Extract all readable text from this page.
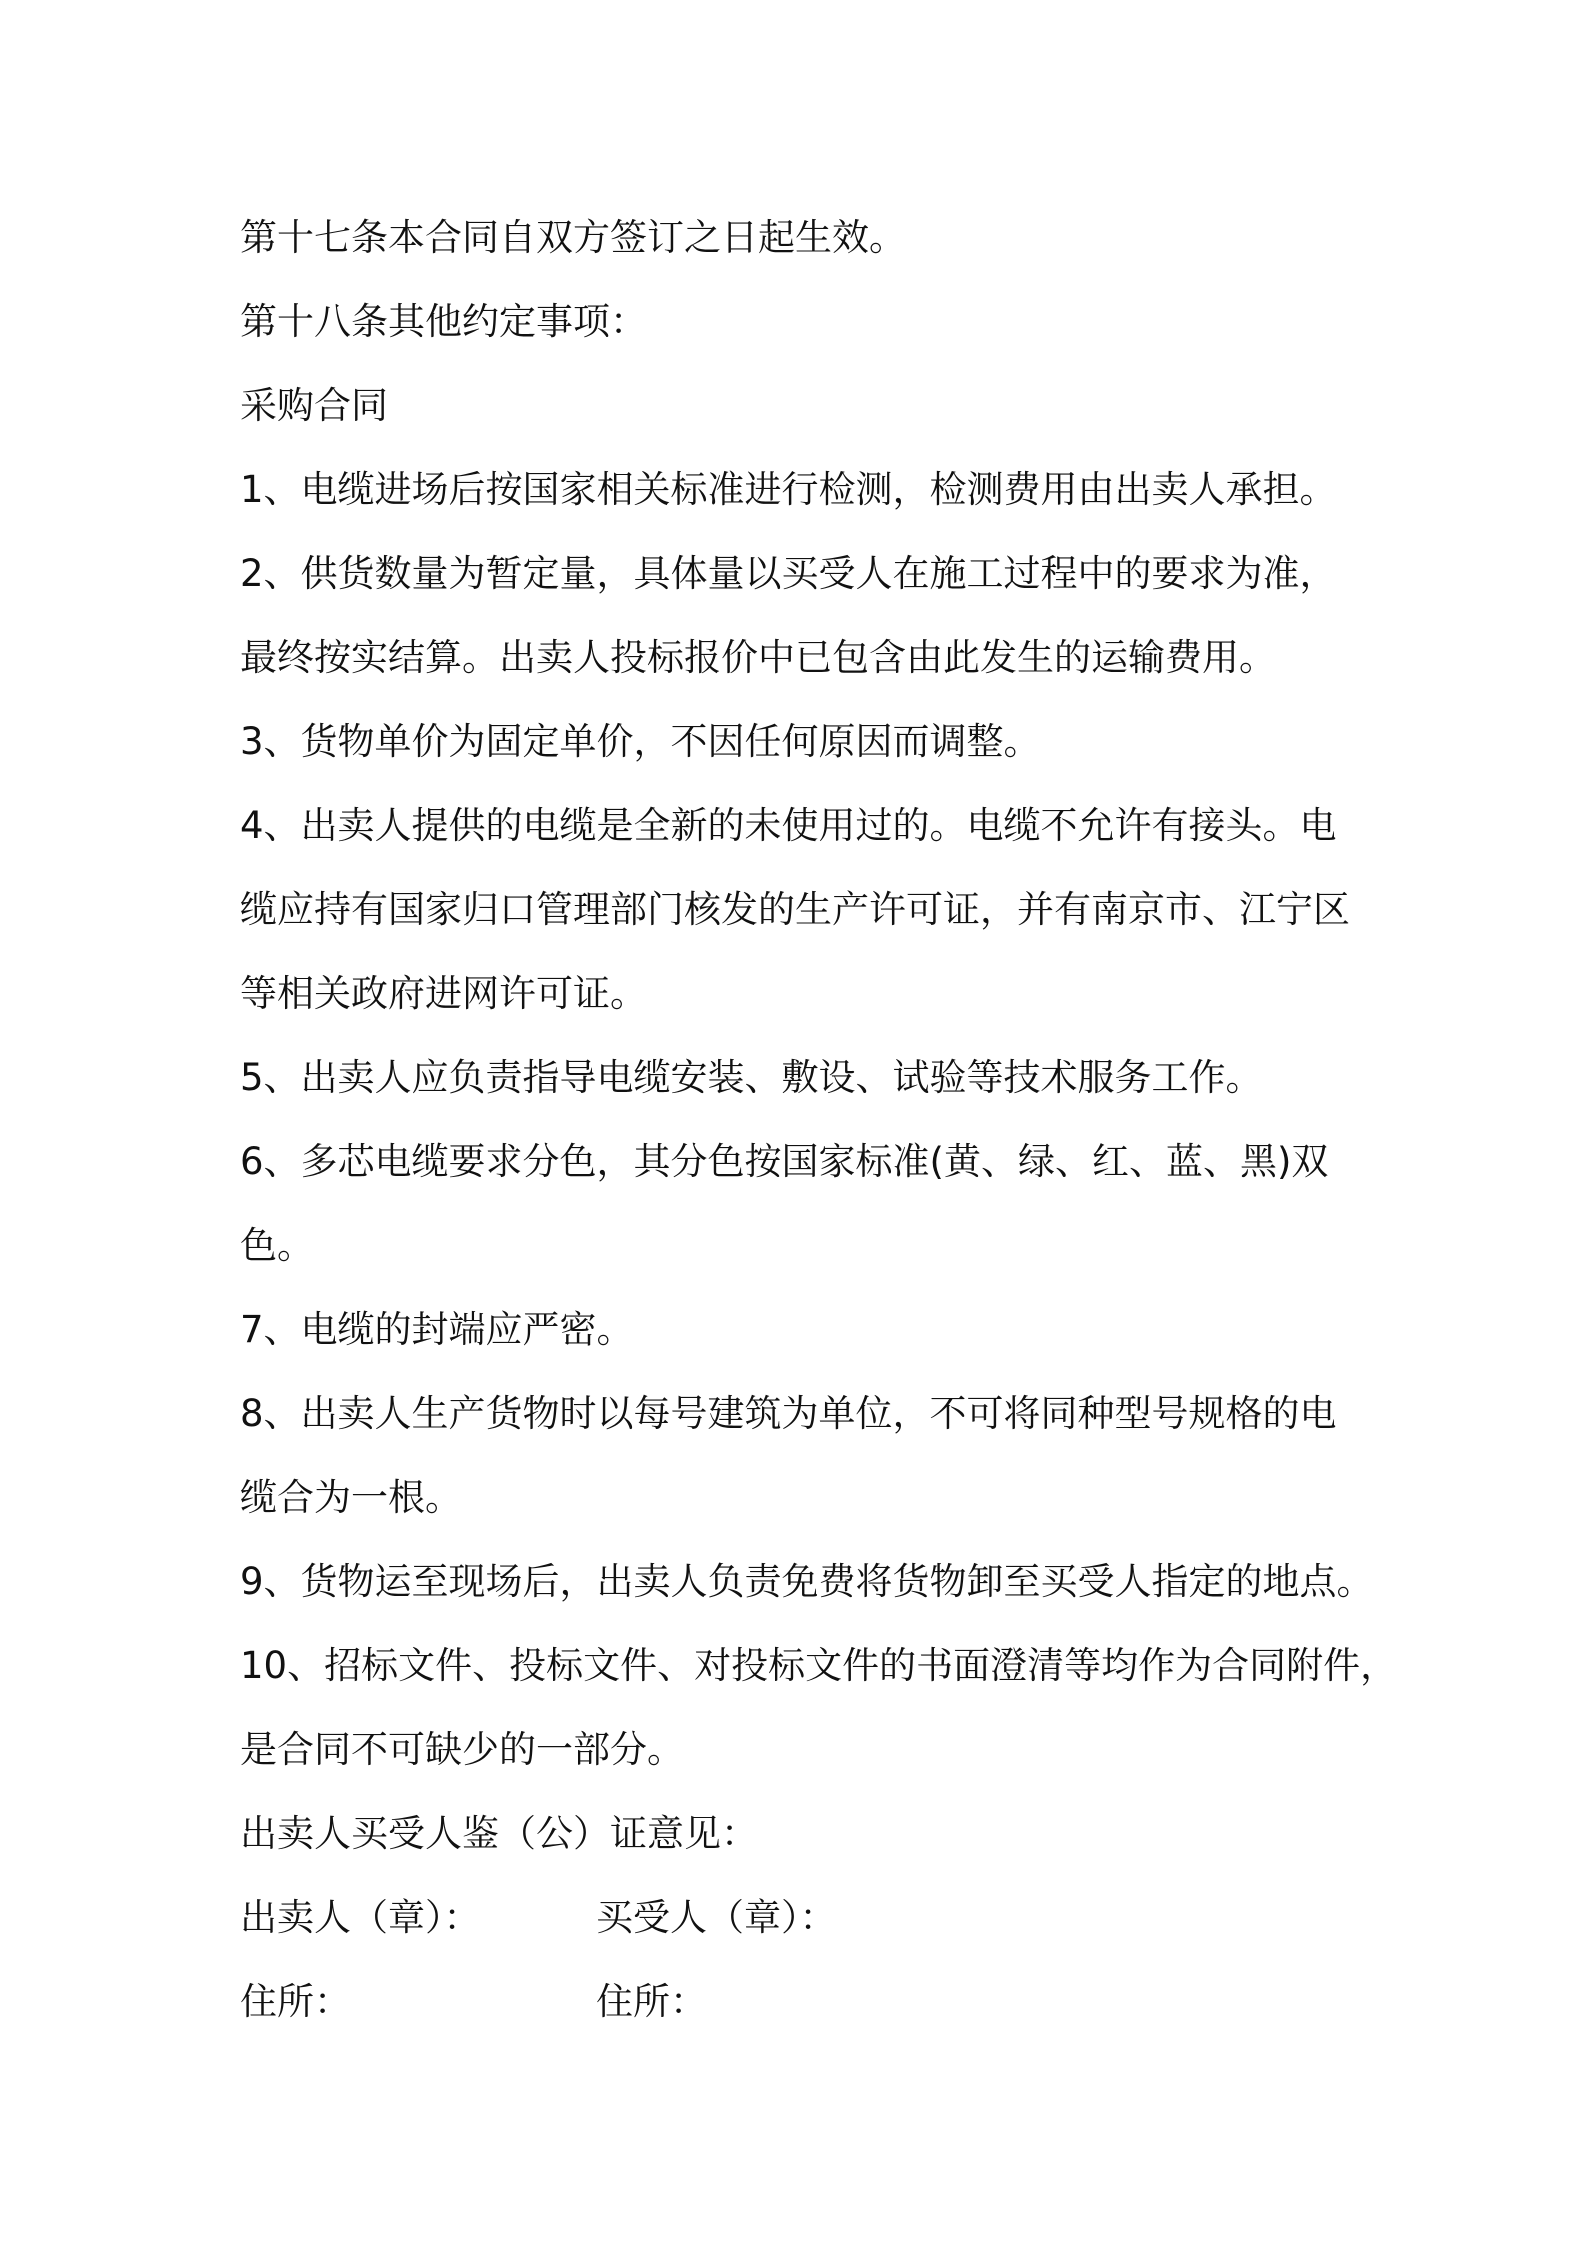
第十七条本合同自双方签订之日起生效。
第十八条其他约定事项：
采购合同
1、电缆进场后按国家相关标准进行检测，检测费用由出卖人承担。
2、供货数量为暂定量，具体量以买受人在施工过程中的要求为准，
最终按实结算。出卖人投标报价中已包含由此发生的运输费用。
3、货物单价为固定单价，不因任何原因而调整。
4、出卖人提供的电缆是全新的未使用过的。电缆不允许有接头。电
缆应持有国家归口管理部门核发的生产许可证，并有南京市、江宁区
等相关政府进网许可证。
5、出卖人应负责指导电缆安装、敷设、试验等技术服务工作。
6、多芯电缆要求分色，其分色按国家标准(黄、绿、红、蓝、黑)双
色。
7、电缆的封端应严密。
8、出卖人生产货物时以每号建筑为单位，不可将同种型号规格的电
缆合为一根。
9、货物运至现场后，出卖人负责免费将货物卸至买受人指定的地点。
10、招标文件、投标文件、对投标文件的书面澄清等均作为合同附件，
是合同不可缺少的一部分。
出卖人买受人鉴（公）证意见：
出卖人（章）：	买受人（章）：
住所：	住所：
